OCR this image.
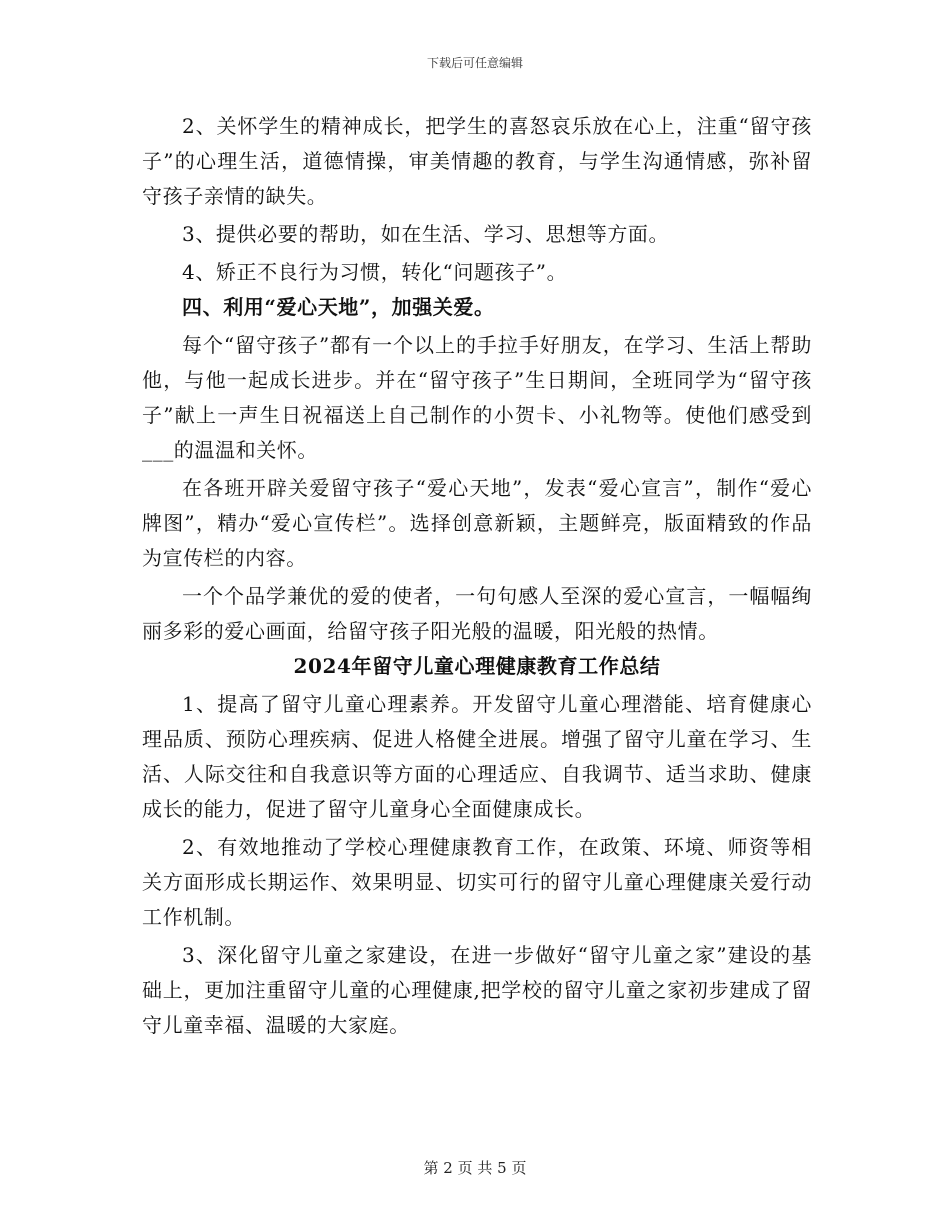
下载后可任意编辑

2、关怀学生的精神成长，把学生的喜怒哀乐放在心上，注重“留守孩子”的心理生活，道德情操，审美情趣的教育，与学生沟通情感，弥补留守孩子亲情的缺失。

3、提供必要的帮助，如在生活、学习、思想等方面。

4、矫正不良行为习惯，转化“问题孩子”。

四、利用“爱心天地”，加强关爱。

每个“留守孩子”都有一个以上的手拉手好朋友，在学习、生活上帮助他，与他一起成长进步。并在“留守孩子”生日期间，全班同学为“留守孩子”献上一声生日祝福送上自己制作的小贺卡、小礼物等。使他们感受到___的温温和关怀。

在各班开辟关爱留守孩子“爱心天地”，发表“爱心宣言”，制作“爱心牌图”，精办“爱心宣传栏”。选择创意新颖，主题鲜亮，版面精致的作品为宣传栏的内容。

一个个品学兼优的爱的使者，一句句感人至深的爱心宣言，一幅幅绚丽多彩的爱心画面，给留守孩子阳光般的温暖，阳光般的热情。

2024年留守儿童心理健康教育工作总结

1、提高了留守儿童心理素养。开发留守儿童心理潜能、培育健康心理品质、预防心理疾病、促进人格健全进展。增强了留守儿童在学习、生活、人际交往和自我意识等方面的心理适应、自我调节、适当求助、健康成长的能力，促进了留守儿童身心全面健康成长。

2、有效地推动了学校心理健康教育工作，在政策、环境、师资等相关方面形成长期运作、效果明显、切实可行的留守儿童心理健康关爱行动工作机制。

3、深化留守儿童之家建设，在进一步做好“留守儿童之家”建设的基础上，更加注重留守儿童的心理健康,把学校的留守儿童之家初步建成了留守儿童幸福、温暖的大家庭。

第 2 页 共 5 页
